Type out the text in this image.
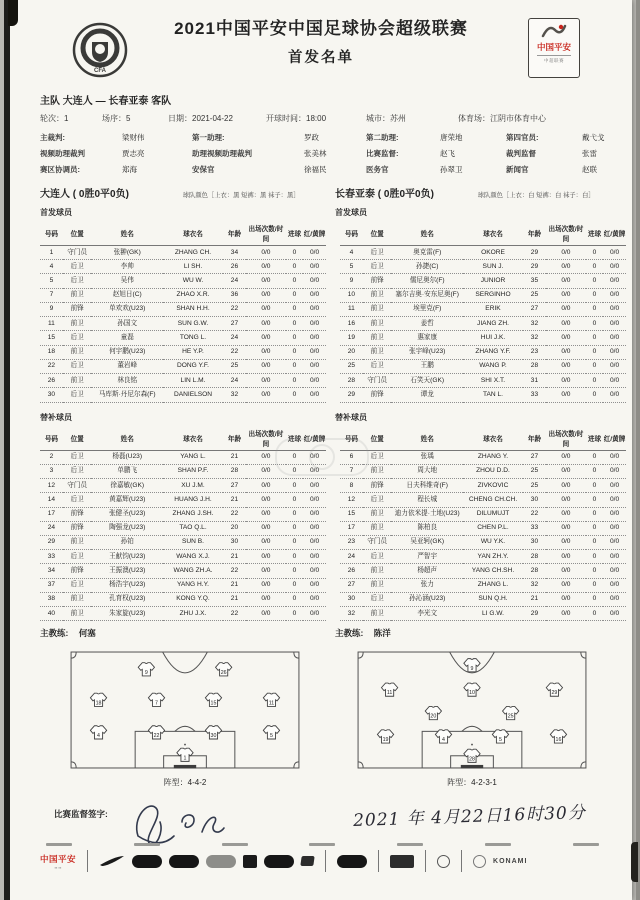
CFA
2021中国平安中国足球协会超级联赛
首发名单
中国平安
中超联赛
主队 大连人 — 长春亚泰 客队
轮次：1	场序：5	日期：2021-04-22	开球时间：18:00	城市：苏州	体育场：江阴市体育中心
主裁判:	梁财伟	第一助理:	罗政	第二助理:	唐荣地	第四官员:	戴弋戈
视频助理裁判	贾志亮	助理视频助理裁判	张美林	比赛监督:	赵飞	裁判监督	张雷
赛区协调员:	郑海	安保官	徐福民	医务官	孙翠卫	新闻官	赵联
大连人 ( 0胜0平0负)	球队颜色［上衣：黑 短裤：黑 袜子：黑］	长春亚泰 ( 0胜0平0负)	球队颜色［上衣：白 短裤：白 袜子：白］
首发球员	首发球员
号码	位置	姓名	球衣名	年龄	出场次数/时间	进球	红/黄牌
1	守门员	张翀(GK)	ZHANG CH.	34	0/0	0	0/0
4	后卫	李帅	LI SH.	26	0/0	0	0/0
5	后卫	吴伟	WU W.	24	0/0	0	0/0
7	前卫	赵旭日(C)	ZHAO X.R.	36	0/0	0	0/0
9	前锋	单欢欢(U23)	SHAN H.H.	22	0/0	0	0/0
11	前卫	孙国文	SUN G.W.	27	0/0	0	0/0
15	后卫	童磊	TONG L.	24	0/0	0	0/0
18	前卫	何宇鹏(U23)	HE Y.P.	22	0/0	0	0/0
22	后卫	董岩峰	DONG Y.F.	25	0/0	0	0/0
26	前卫	林良铭	LIN L.M.	24	0/0	0	0/0
30	后卫	马库斯·丹尼尔森(F)	DANIELSON	32	0/0	0	0/0
号码	位置	姓名	球衣名	年龄	出场次数/时间	进球	红/黄牌
4	后卫	奥克雷(F)	OKORE	29	0/0	0	0/0
5	后卫	孙捷(C)	SUN J.	29	0/0	0	0/0
9	前锋	儒尼奥尔(F)	JUNIOR	35	0/0	0	0/0
10	前卫	塞尔吉奥·安东尼奥(F)	SERGINHO	25	0/0	0	0/0
11	前卫	埃里克(F)	ERIK	27	0/0	0	0/0
16	前卫	姜哲	JIANG ZH.	32	0/0	0	0/0
19	前卫	惠家康	HUI J.K.	32	0/0	0	0/0
20	前卫	张宇峰(U23)	ZHANG Y.F.	23	0/0	0	0/0
25	后卫	王鹏	WANG P.	28	0/0	0	0/0
28	守门员	石笑天(GK)	SHI X.T.	31	0/0	0	0/0
29	前锋	谭龙	TAN L.	33	0/0	0	0/0
替补球员	替补球员
号码	位置	姓名	球衣名	年龄	出场次数/时间	进球	红/黄牌
2	后卫	杨磊(U23)	YANG L.	21	0/0	0	0/0
3	后卫	单鹏飞	SHAN P.F.	28	0/0	0	0/0
12	守门员	徐嘉敏(GK)	XU J.M.	27	0/0	0	0/0
14	后卫	黄嘉辉(U23)	HUANG J.H.	21	0/0	0	0/0
17	前锋	张健圣(U23)	ZHANG J.SH.	22	0/0	0	0/0
24	前锋	陶强龙(U23)	TAO Q.L.	20	0/0	0	0/0
29	前卫	孙铂	SUN B.	30	0/0	0	0/0
33	后卫	王献钧(U23)	WANG X.J.	21	0/0	0	0/0
34	前锋	王振澳(U23)	WANG ZH.A.	22	0/0	0	0/0
37	后卫	杨浩宇(U23)	YANG H.Y.	21	0/0	0	0/0
38	前卫	孔育权(U23)	KONG Y.Q.	21	0/0	0	0/0
40	前卫	朱家旋(U23)	ZHU J.X.	22	0/0	0	0/0
号码	位置	姓名	球衣名	年龄	出场次数/时间	进球	红/黄牌
6	后卫	张瑀	ZHANG Y.	27	0/0	0	0/0
7	前卫	周大地	ZHOU D.D.	25	0/0	0	0/0
8	前锋	日夫科维奇(F)	ZIVKOVIC	25	0/0	0	0/0
12	后卫	程长城	CHENG CH.CH.	30	0/0	0	0/0
15	前卫	迪力依米提·土地(U23)	DILUMUJT	22	0/0	0	0/0
17	前卫	陈柏良	CHEN P.L.	33	0/0	0	0/0
23	守门员	吴亚轲(GK)	WU Y.K.	30	0/0	0	0/0
24	后卫	严智宇	YAN ZH.Y.	28	0/0	0	0/0
26	前卫	杨超声	YANG CH.SH.	28	0/0	0	0/0
27	前卫	张力	ZHANG L.	32	0/0	0	0/0
30	后卫	孙沁涵(U23)	SUN Q.H.	21	0/0	0	0/0
32	前卫	李光文	LI G.W.	29	0/0	0	0/0
主教练: 何塞	主教练: 陈洋
9	26
18	7	15	11
4	22	30	5
1
阵型：4-4-2
9
11	10	29
20	25
19	4	5	16
28
阵型：4-2-3-1
比赛监督签字:	2021 年 4月22日16时30分
中国平安
▪▪ ▪▪
KONAMI
